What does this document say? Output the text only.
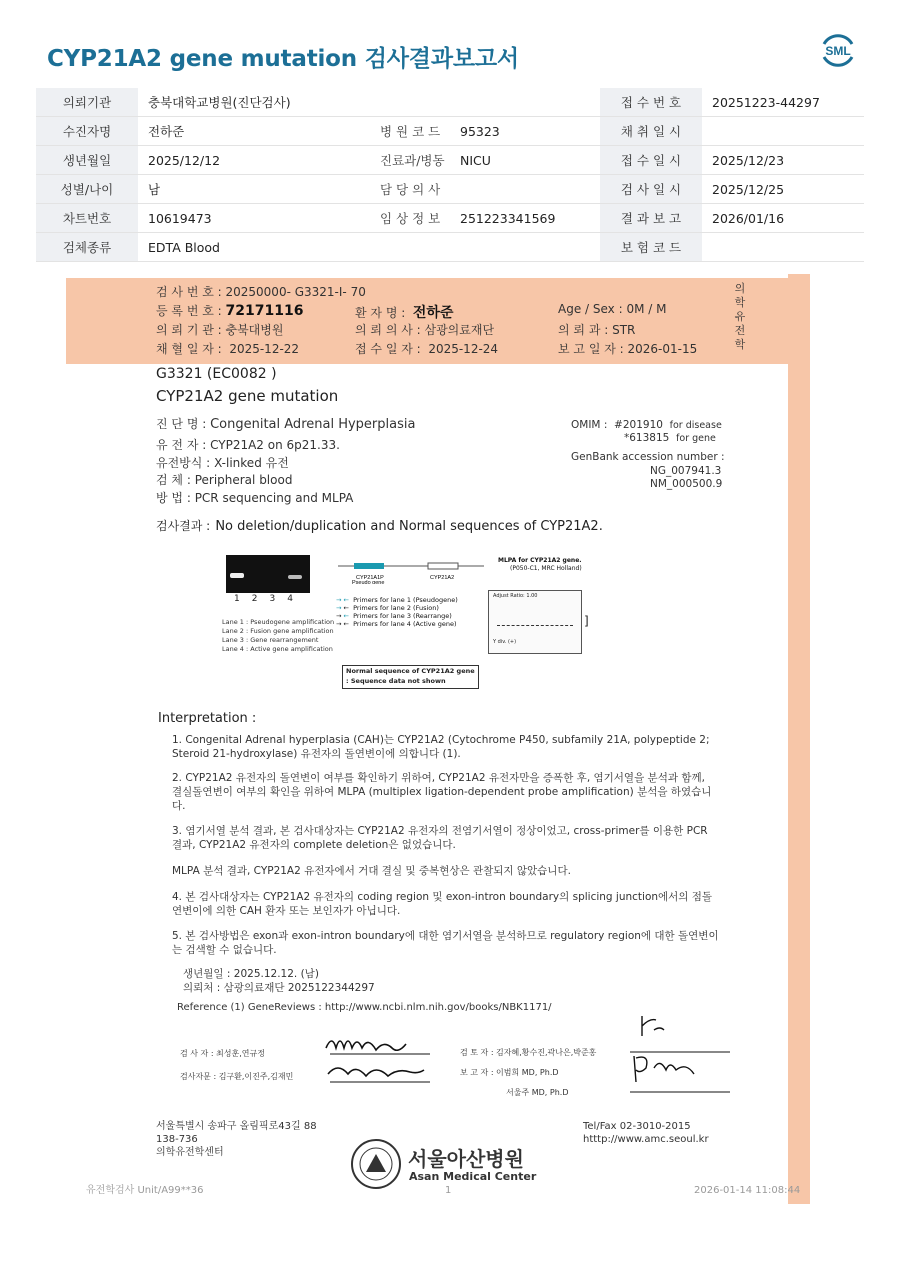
CYP21A2 gene mutation 검사결과보고서	SML
의뢰기관	충북대학교병원(진단검사)			접 수 번 호	20251223-44297
수진자명	전하준	병 원 코 드	95323	채 취 일 시	
생년월일	2025/12/12	진료과/병동	NICU	접 수 일 시	2025/12/23
성별/나이	남	담 당 의 사		검 사 일 시	2025/12/25
차트번호	10619473	임 상 정 보	251223341569	결 과 보 고	2026/01/16
검체종류	EDTA Blood			보 험 코 드	
검 사 번 호 : 20250000- G3321-I- 70
등 록 번 호 : 72171116	환 자 명 : 전하준	Age / Sex : 0M / M
의 뢰 기 관 : 충북대병원	의 뢰 의 사 : 삼광의료재단	의 뢰 과 : STR
채 혈 일 자 : 2025-12-22	접 수 일 자 : 2025-12-24	보 고 일 자 : 2026-01-15
의학유전학
G3321 (EC0082 )
CYP21A2 gene mutation
진 단 명 : Congenital Adrenal Hyperplasia
유 전 자 : CYP21A2 on 6p21.33.
유전방식 : X-linked 유전
검 체 : Peripheral blood
방 법 : PCR sequencing and MLPA
OMIM : #201910 for disease
*613815 for gene
GenBank accession number :
NG_007941.3
NM_000500.9
검사결과 : No deletion/duplication and Normal sequences of CYP21A2.
1234
Lane 1 : Pseudogene amplification
Lane 2 : Fusion gene amplification
Lane 3 : Gene rearrangement
Lane 4 : Active gene amplification
CYP21A1P
Pseudo gene
CYP21A2
→ ← Primers for lane 1 (Pseudogene)
→ ←  Primers for lane 2 (Fusion)
→ ← Primers for lane 3 (Rearrange)
→ ←  Primers for lane 4 (Active gene)
MLPA for CYP21A2 gene.
(P050-C1, MRC Holland)
Adjust Ratio: 1.00
Y div. (+)
]
Normal sequence of CYP21A2 gene
: Sequence data not shown
Interpretation :
1. Congenital Adrenal hyperplasia (CAH)는 CYP21A2 (Cytochrome P450, subfamily 21A, polypeptide 2; Steroid 21-hydroxylase) 유전자의 돌연변이에 의합니다 (1).
2. CYP21A2 유전자의 돌연변이 여부를 확인하기 위하여, CYP21A2 유전자만을 증폭한 후, 염기서열을 분석과 함께, 결실돌연변이 여부의 확인을 위하여 MLPA (multiplex ligation-dependent probe amplification) 분석을 하였습니다.
3. 염기서열 분석 결과, 본 검사대상자는 CYP21A2 유전자의 전염기서열이 정상이었고, cross-primer를 이용한 PCR 결과, CYP21A2 유전자의 complete deletion은 없었습니다.
MLPA 분석 결과, CYP21A2 유전자에서 거대 결실 및 중복현상은 관찰되지 않았습니다.
4. 본 검사대상자는 CYP21A2 유전자의 coding region 및 exon-intron boundary의 splicing junction에서의 점돌연변이에 의한 CAH 환자 또는 보인자가 아닙니다.
5. 본 검사방법은 exon과 exon-intron boundary에 대한 염기서열을 분석하므로 regulatory region에 대한 돌연변이는 검색할 수 없습니다.
생년월일 : 2025.12.12. (남)
의뢰처 : 삼광의료재단 2025122344297
Reference (1) GeneReviews : http://www.ncbi.nlm.nih.gov/books/NBK1171/
검 사 자 : 최성훈,연규정
검사자문 : 김구환,이진주,김재민
검 토 자 : 김자혜,황수진,곽나은,박준홍
보 고 자 : 이범희 MD, Ph.D
서울주 MD, Ph.D
서울특별시 송파구 올림픽로43길 88
138-736
의학유전학센터
Tel/Fax 02-3010-2015
htttp://www.amc.seoul.kr
서울아산병원
Asan Medical Center
유전학검사 Unit/A99**36	1	2026-01-14 11:08:44
